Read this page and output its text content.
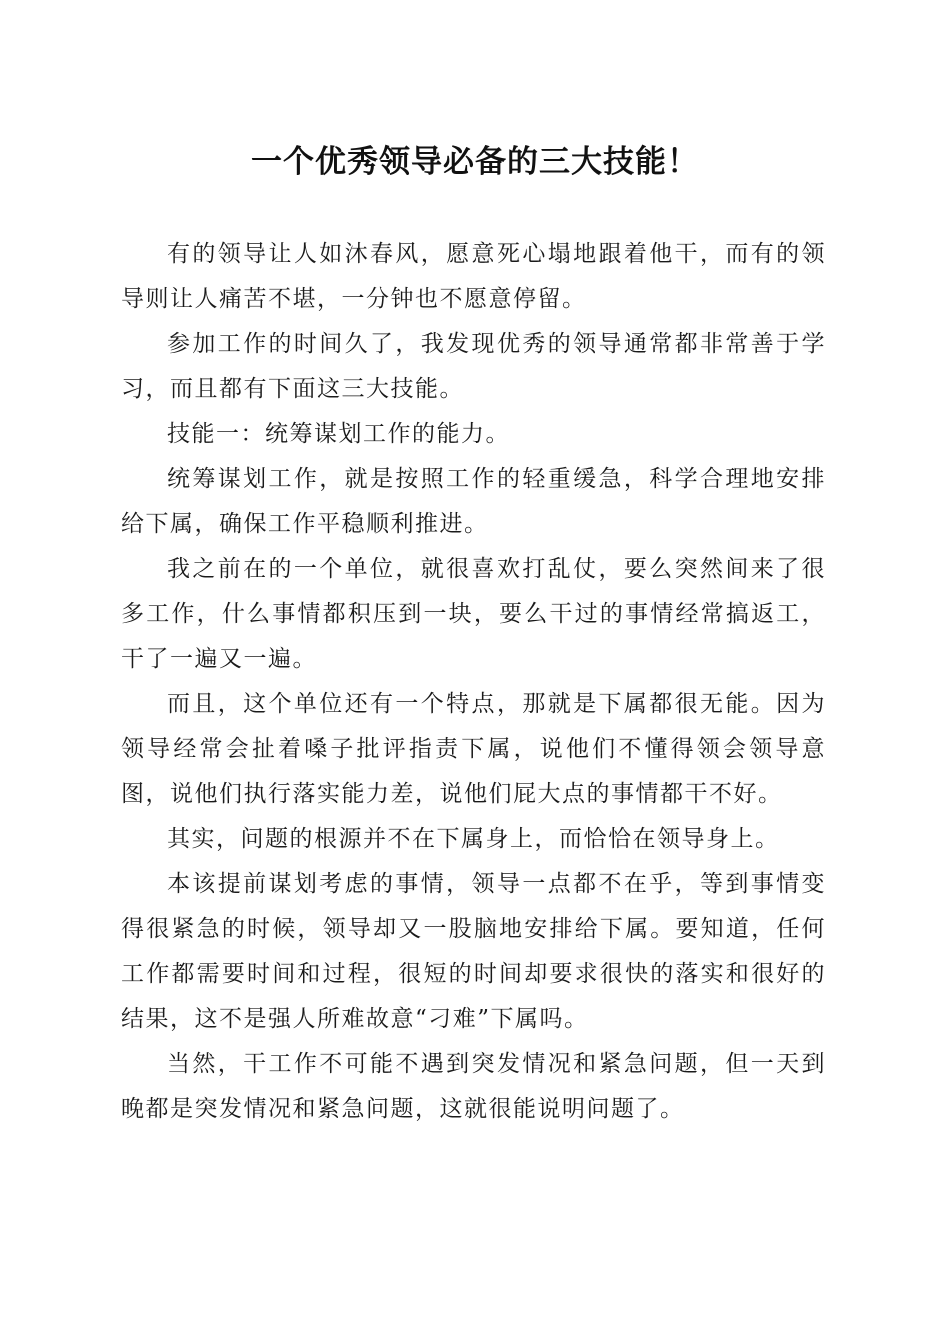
一个优秀领导必备的三大技能！

有的领导让人如沐春风，愿意死心塌地跟着他干，而有的领导则让人痛苦不堪，一分钟也不愿意停留。

参加工作的时间久了，我发现优秀的领导通常都非常善于学习，而且都有下面这三大技能。

技能一：统筹谋划工作的能力。

统筹谋划工作，就是按照工作的轻重缓急，科学合理地安排给下属，确保工作平稳顺利推进。

我之前在的一个单位，就很喜欢打乱仗，要么突然间来了很多工作，什么事情都积压到一块，要么干过的事情经常搞返工，干了一遍又一遍。

而且，这个单位还有一个特点，那就是下属都很无能。因为领导经常会扯着嗓子批评指责下属，说他们不懂得领会领导意图，说他们执行落实能力差，说他们屁大点的事情都干不好。

其实，问题的根源并不在下属身上，而恰恰在领导身上。

本该提前谋划考虑的事情，领导一点都不在乎，等到事情变得很紧急的时候，领导却又一股脑地安排给下属。要知道，任何工作都需要时间和过程，很短的时间却要求很快的落实和很好的结果，这不是强人所难故意“刁难”下属吗。

当然，干工作不可能不遇到突发情况和紧急问题，但一天到晚都是突发情况和紧急问题，这就很能说明问题了。
